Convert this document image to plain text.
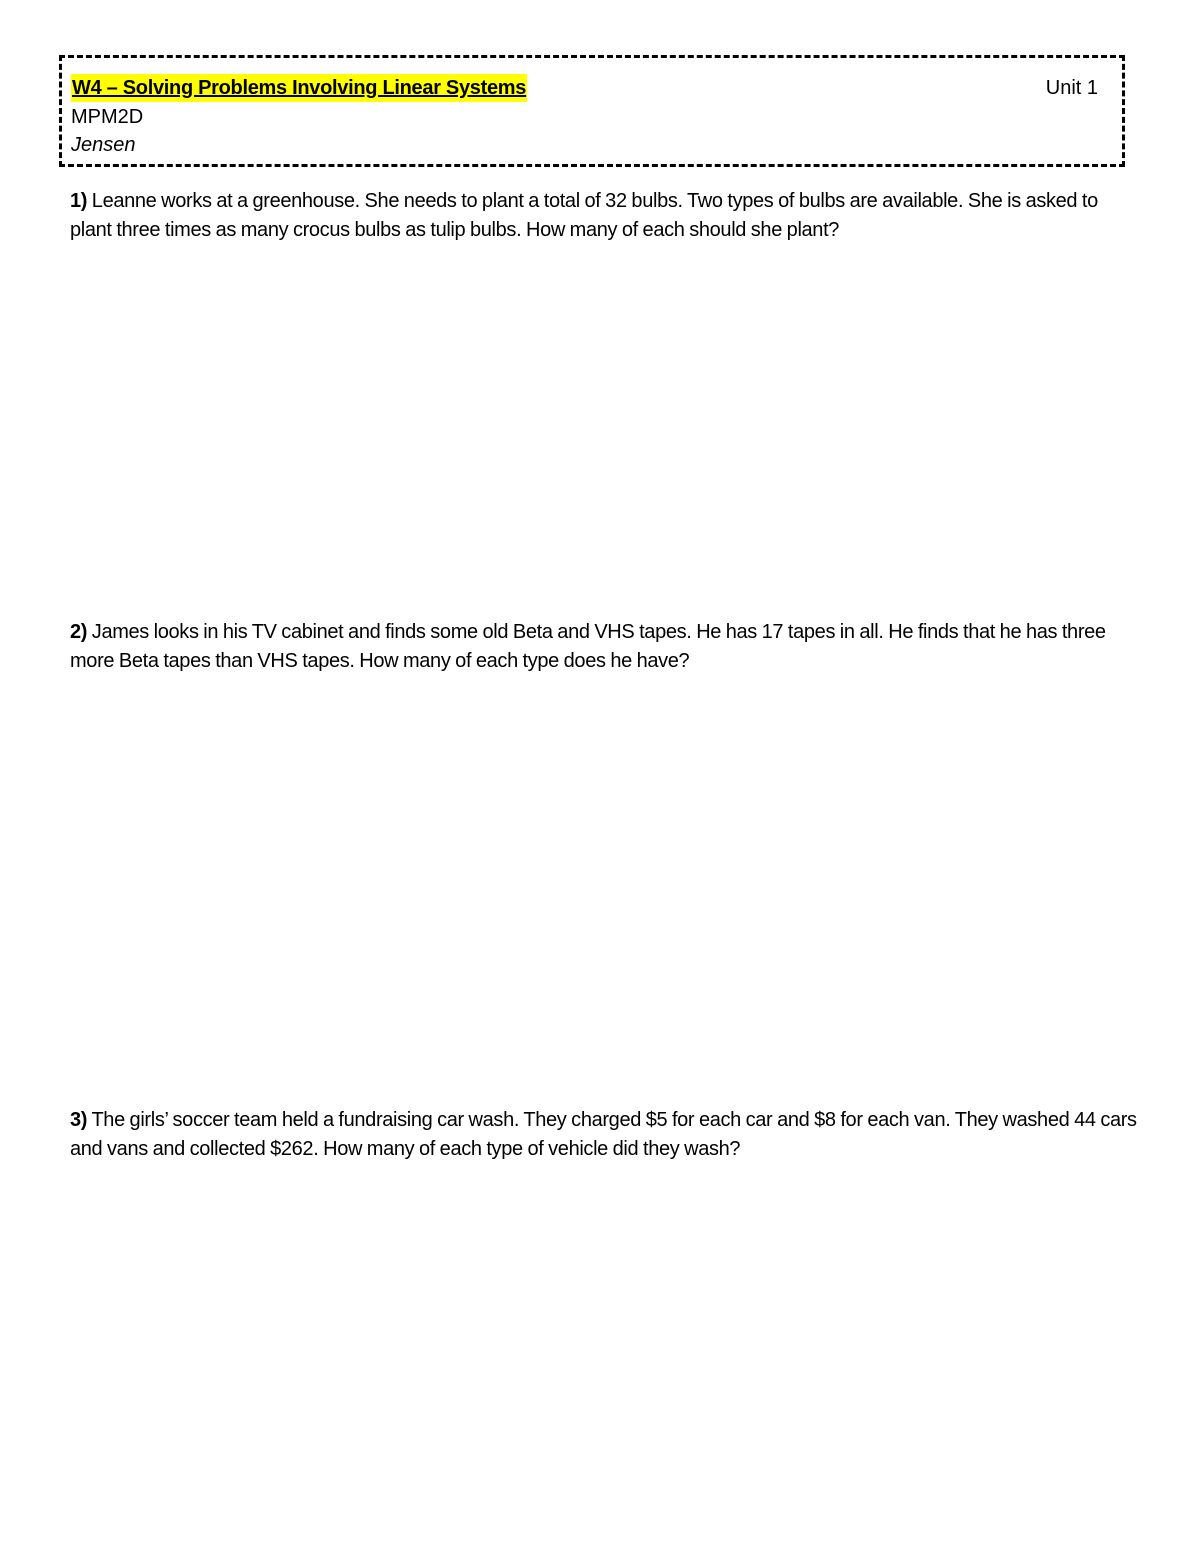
W4 – Solving Problems Involving Linear Systems	Unit 1
MPM2D
Jensen

1) Leanne works at a greenhouse. She needs to plant a total of 32 bulbs. Two types of bulbs are available. She is asked to plant three times as many crocus bulbs as tulip bulbs. How many of each should she plant?

2) James looks in his TV cabinet and finds some old Beta and VHS tapes. He has 17 tapes in all. He finds that he has three more Beta tapes than VHS tapes. How many of each type does he have?

3) The girls’ soccer team held a fundraising car wash. They charged $5 for each car and $8 for each van. They washed 44 cars and vans and collected $262. How many of each type of vehicle did they wash?
